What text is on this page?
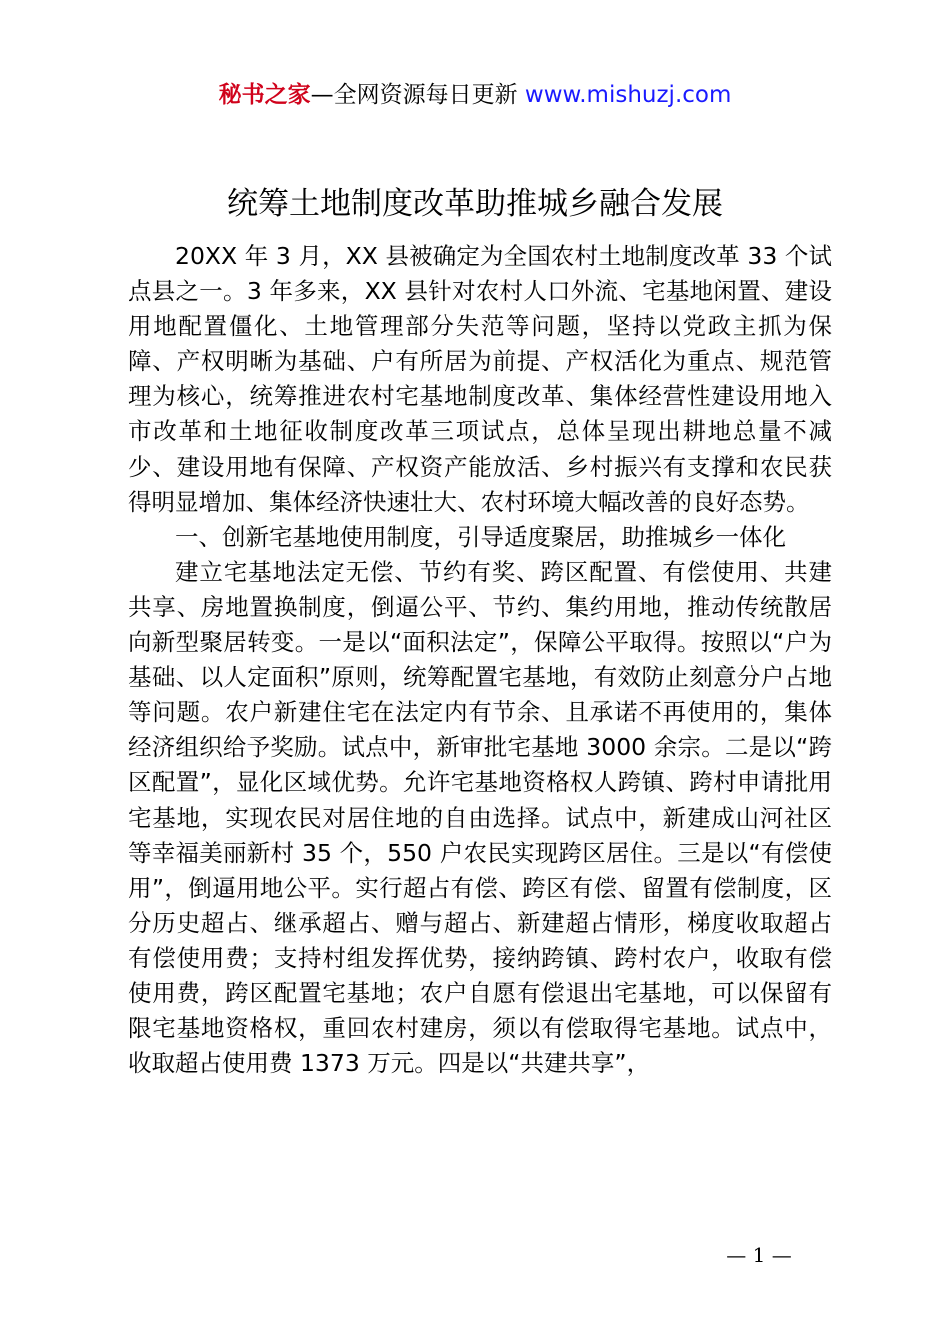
秘书之家—全网资源每日更新 www.mishuzj.com
统筹土地制度改革助推城乡融合发展

20XX 年 3 月，XX 县被确定为全国农村土地制度改革 33 个试点县之一。3 年多来，XX 县针对农村人口外流、宅基地闲置、建设用地配置僵化、土地管理部分失范等问题，坚持以党政主抓为保障、产权明晰为基础、户有所居为前提、产权活化为重点、规范管理为核心，统筹推进农村宅基地制度改革、集体经营性建设用地入市改革和土地征收制度改革三项试点，总体呈现出耕地总量不减少、建设用地有保障、产权资产能放活、乡村振兴有支撑和农民获得明显增加、集体经济快速壮大、农村环境大幅改善的良好态势。

一、创新宅基地使用制度，引导适度聚居，助推城乡一体化

建立宅基地法定无偿、节约有奖、跨区配置、有偿使用、共建共享、房地置换制度，倒逼公平、节约、集约用地，推动传统散居向新型聚居转变。一是以“面积法定”，保障公平取得。按照以“户为基础、以人定面积”原则，统筹配置宅基地，有效防止刻意分户占地等问题。农户新建住宅在法定内有节余、且承诺不再使用的，集体经济组织给予奖励。试点中，新审批宅基地 3000 余宗。二是以“跨区配置”，显化区域优势。允许宅基地资格权人跨镇、跨村申请批用宅基地，实现农民对居住地的自由选择。试点中，新建成山河社区等幸福美丽新村 35 个，550 户农民实现跨区居住。三是以“有偿使用”，倒逼用地公平。实行超占有偿、跨区有偿、留置有偿制度，区分历史超占、继承超占、赠与超占、新建超占情形，梯度收取超占有偿使用费；支持村组发挥优势，接纳跨镇、跨村农户，收取有偿使用费，跨区配置宅基地；农户自愿有偿退出宅基地，可以保留有限宅基地资格权，重回农村建房，须以有偿取得宅基地。试点中，收取超占使用费 1373 万元。四是以“共建共享”，

— 1 —
